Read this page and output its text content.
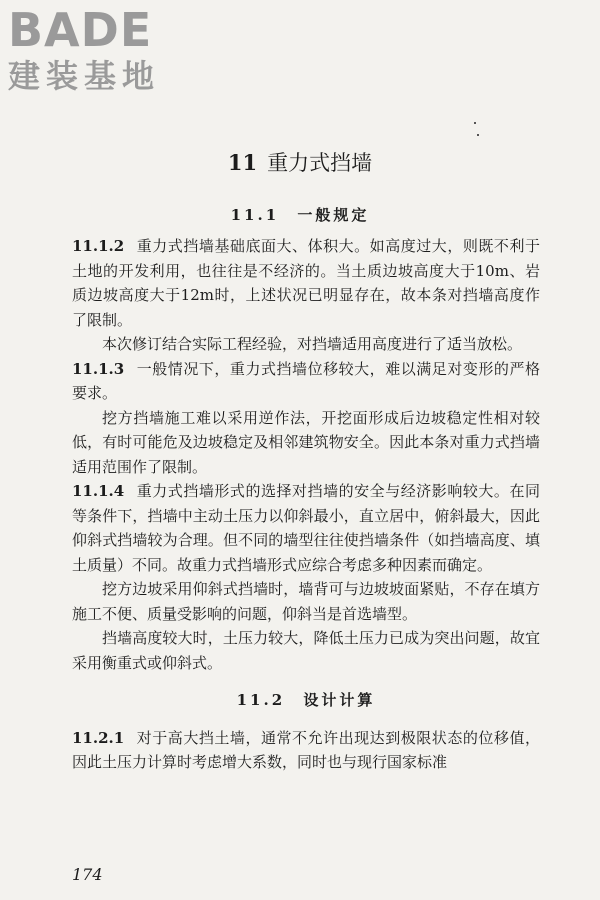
BADE
建装基地
11 重力式挡墙
11.1 一般规定

11.1.2 重力式挡墙基础底面大、体积大。如高度过大，则既不利于土地的开发利用，也往往是不经济的。当土质边坡高度大于10m、岩质边坡高度大于12m时，上述状况已明显存在，故本条对挡墙高度作了限制。

本次修订结合实际工程经验，对挡墙适用高度进行了适当放松。

11.1.3 一般情况下，重力式挡墙位移较大，难以满足对变形的严格要求。

挖方挡墙施工难以采用逆作法，开挖面形成后边坡稳定性相对较低，有时可能危及边坡稳定及相邻建筑物安全。因此本条对重力式挡墙适用范围作了限制。

11.1.4 重力式挡墙形式的选择对挡墙的安全与经济影响较大。在同等条件下，挡墙中主动土压力以仰斜最小，直立居中，俯斜最大，因此仰斜式挡墙较为合理。但不同的墙型往往使挡墙条件（如挡墙高度、填土质量）不同。故重力式挡墙形式应综合考虑多种因素而确定。

挖方边坡采用仰斜式挡墙时，墙背可与边坡坡面紧贴，不存在填方施工不便、质量受影响的问题，仰斜当是首选墙型。

挡墙高度较大时，土压力较大，降低土压力已成为突出问题，故宜采用衡重式或仰斜式。

11.2 设计计算

11.2.1 对于高大挡土墙，通常不允许出现达到极限状态的位移值，因此土压力计算时考虑增大系数，同时也与现行国家标准

174
